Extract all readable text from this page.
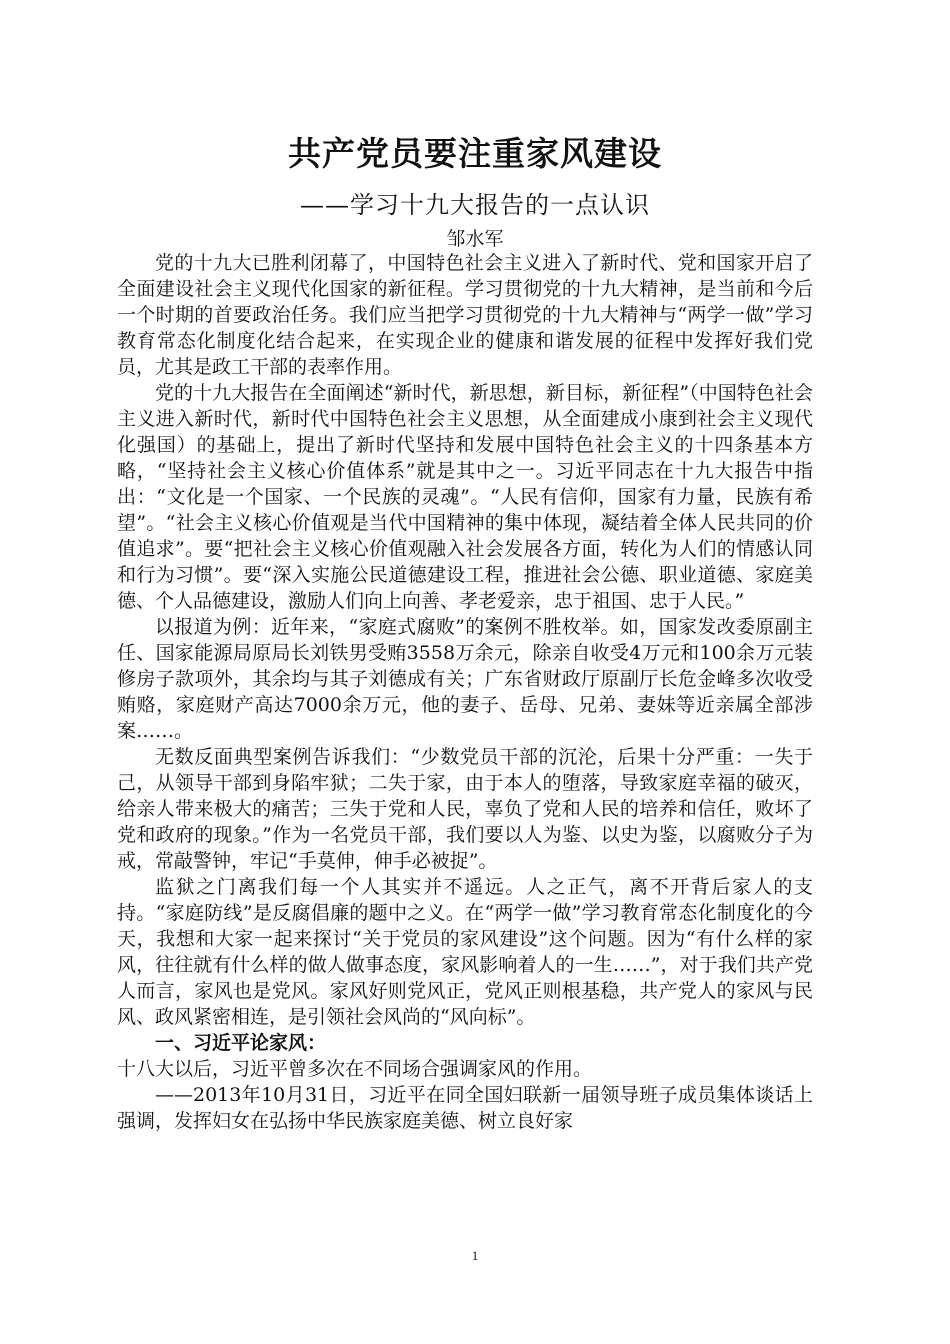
共产党员要注重家风建设
——学习十九大报告的一点认识
邹水军

党的十九大已胜利闭幕了，中国特色社会主义进入了新时代、党和国家开启了全面建设社会主义现代化国家的新征程。学习贯彻党的十九大精神，是当前和今后一个时期的首要政治任务。我们应当把学习贯彻党的十九大精神与“两学一做”学习教育常态化制度化结合起来，在实现企业的健康和谐发展的征程中发挥好我们党员，尤其是政工干部的表率作用。

党的十九大报告在全面阐述“新时代，新思想，新目标，新征程”（中国特色社会主义进入新时代，新时代中国特色社会主义思想，从全面建成小康到社会主义现代化强国）的基础上，提出了新时代坚持和发展中国特色社会主义的十四条基本方略，“坚持社会主义核心价值体系”就是其中之一。习近平同志在十九大报告中指出：“文化是一个国家、一个民族的灵魂”。“人民有信仰，国家有力量，民族有希望”。“社会主义核心价值观是当代中国精神的集中体现，凝结着全体人民共同的价值追求”。要“把社会主义核心价值观融入社会发展各方面，转化为人们的情感认同和行为习惯”。要“深入实施公民道德建设工程，推进社会公德、职业道德、家庭美德、个人品德建设，激励人们向上向善、孝老爱亲，忠于祖国、忠于人民。”

以报道为例：近年来，“家庭式腐败”的案例不胜枚举。如，国家发改委原副主任、国家能源局原局长刘铁男受贿3558万余元，除亲自收受4万元和100余万元装修房子款项外，其余均与其子刘德成有关；广东省财政厅原副厅长危金峰多次收受贿赂，家庭财产高达7000余万元，他的妻子、岳母、兄弟、妻妹等近亲属全部涉案……。

无数反面典型案例告诉我们：“少数党员干部的沉沦，后果十分严重：一失于己，从领导干部到身陷牢狱；二失于家，由于本人的堕落，导致家庭幸福的破灭，给亲人带来极大的痛苦；三失于党和人民，辜负了党和人民的培养和信任，败坏了党和政府的现象。”作为一名党员干部，我们要以人为鉴、以史为鉴，以腐败分子为戒，常敲警钟，牢记“手莫伸，伸手必被捉”。

监狱之门离我们每一个人其实并不遥远。人之正气，离不开背后家人的支持。“家庭防线”是反腐倡廉的题中之义。在“两学一做”学习教育常态化制度化的今天，我想和大家一起来探讨“关于党员的家风建设”这个问题。因为“有什么样的家风，往往就有什么样的做人做事态度，家风影响着人的一生……”，对于我们共产党人而言，家风也是党风。家风好则党风正，党风正则根基稳，共产党人的家风与民风、政风紧密相连，是引领社会风尚的“风向标”。

一、习近平论家风：

十八大以后，习近平曾多次在不同场合强调家风的作用。

——2013年10月31日，习近平在同全国妇联新一届领导班子成员集体谈话上强调，发挥妇女在弘扬中华民族家庭美德、树立良好家

1
